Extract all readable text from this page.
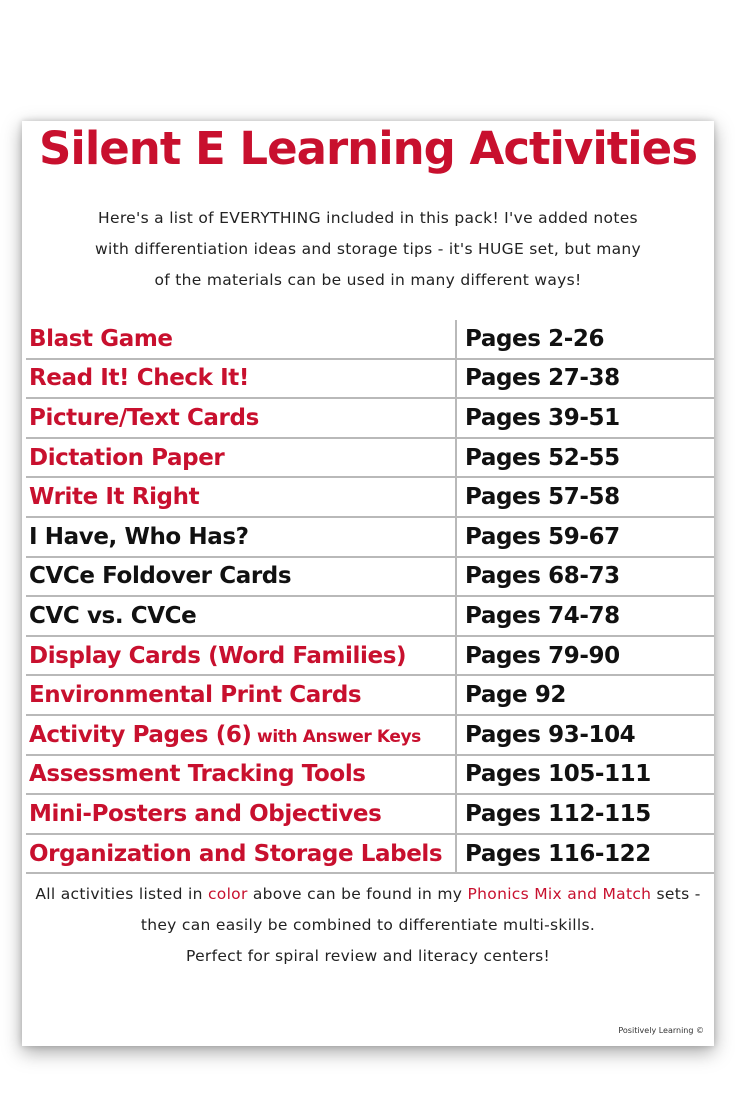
Silent E Learning Activities
Here's a list of EVERYTHING included in this pack! I've added notes
with differentiation ideas and storage tips - it's HUGE set, but many
of the materials can be used in many different ways!
Blast Game	Pages 2-26
Read It! Check It!	Pages 27-38
Picture/Text Cards	Pages 39-51
Dictation Paper	Pages 52-55
Write It Right	Pages 57-58
I Have, Who Has?	Pages 59-67
CVCe Foldover Cards	Pages 68-73
CVC vs. CVCe	Pages 74-78
Display Cards (Word Families)	Pages 79-90
Environmental Print Cards	Page 92
Activity Pages (6) with Answer Keys	Pages 93-104
Assessment Tracking Tools	Pages 105-111
Mini-Posters and Objectives	Pages 112-115
Organization and Storage Labels	Pages 116-122
All activities listed in color above can be found in my Phonics Mix and Match sets - they can easily be combined to differentiate multi-skills.
Perfect for spiral review and literacy centers!
Positively Learning ©
